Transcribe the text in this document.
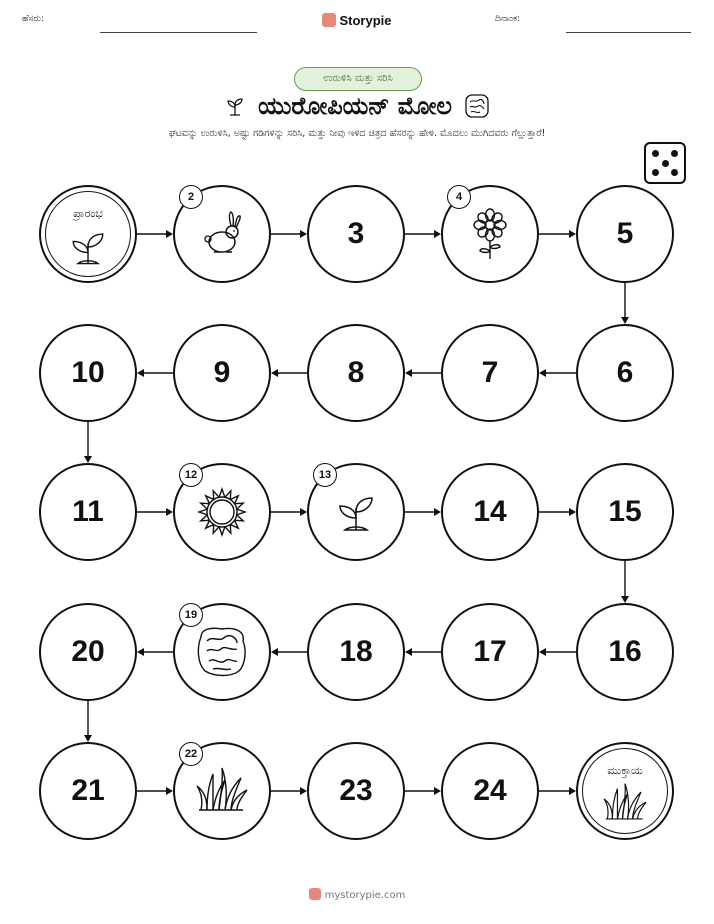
ಹೆಸರು:	Storypie	ದಿನಾಂಕ:
ಉರುಳಿಸಿ ಮತ್ತು ಸರಿಸಿ
ಯುರೋಪಿಯನ್ ಮೋಲ
ಘಟವನ್ನು ಉರುಳಿಸಿ, ಅಷ್ಟು ಗಡಿಗಳನ್ನು ಸರಿಸಿ, ಮತ್ತು ನೀವು ಇಳಿದ ಚಿತ್ರದ ಹೆಸರನ್ನು ಹೇಳಿ. ಮೊದಲು ಮುಗಿದವರು ಗೆಲ್ಲುತ್ತಾರೆ!
ಪ್ರಾರಂಭ
2
3
4
5
6
7
8
9
10
11
12	13
14	15
16
17
18
19
20
21
22
23	24
ಮುಕ್ತಾಯ
mystorypie.com
